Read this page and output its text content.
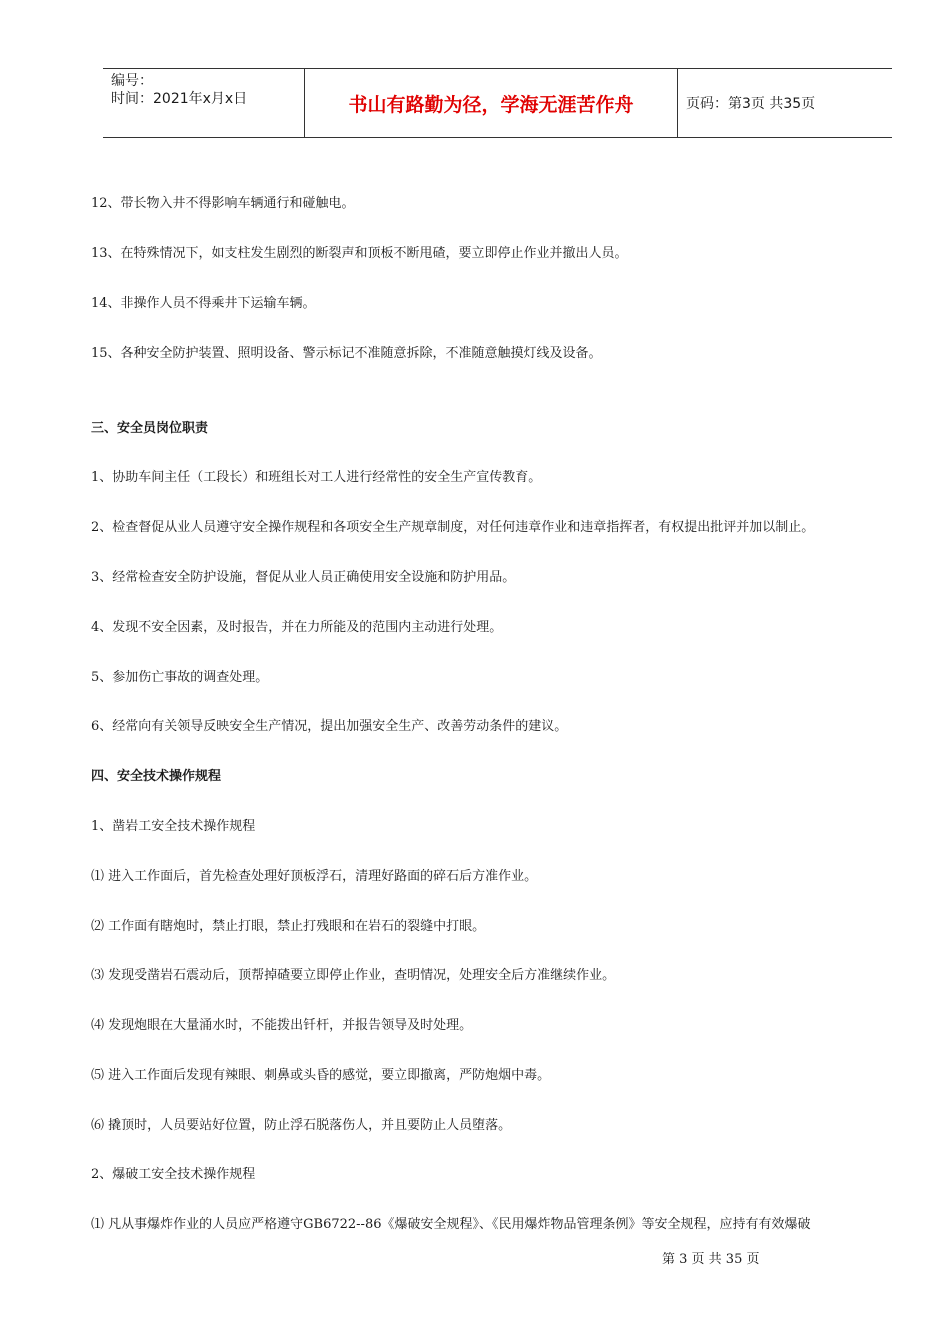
编号：
时间：2021年x月x日	书山有路勤为径，学海无涯苦作舟	页码：第3页 共35页
12、带长物入井不得影响车辆通行和碰触电。
13、在特殊情况下，如支柱发生剧烈的断裂声和顶板不断甩碴，要立即停止作业并撤出人员。
14、非操作人员不得乘井下运输车辆。
15、各种安全防护装置、照明设备、警示标记不准随意拆除，不准随意触摸灯线及设备。
三、安全员岗位职责
1、协助车间主任（工段长）和班组长对工人进行经常性的安全生产宣传教育。
2、检查督促从业人员遵守安全操作规程和各项安全生产规章制度，对任何违章作业和违章指挥者，有权提出批评并加以制止。
3、经常检查安全防护设施，督促从业人员正确使用安全设施和防护用品。
4、发现不安全因素，及时报告，并在力所能及的范围内主动进行处理。
5、参加伤亡事故的调查处理。
6、经常向有关领导反映安全生产情况，提出加强安全生产、改善劳动条件的建议。
四、安全技术操作规程
1、凿岩工安全技术操作规程
⑴ 进入工作面后，首先检查处理好顶板浮石，清理好路面的碎石后方准作业。
⑵ 工作面有瞎炮时，禁止打眼，禁止打残眼和在岩石的裂缝中打眼。
⑶ 发现受凿岩石震动后，顶帮掉碴要立即停止作业，查明情况，处理安全后方准继续作业。
⑷ 发现炮眼在大量涌水时，不能拨出钎杆，并报告领导及时处理。
⑸ 进入工作面后发现有辣眼、刺鼻或头昏的感觉，要立即撤离，严防炮烟中毒。
⑹ 撬顶时，人员要站好位置，防止浮石脱落伤人，并且要防止人员堕落。
2、爆破工安全技术操作规程
⑴ 凡从事爆炸作业的人员应严格遵守GB6722--86《爆破安全规程》、《民用爆炸物品管理条例》等安全规程，应持有有效爆破
第 3 页 共 35 页
